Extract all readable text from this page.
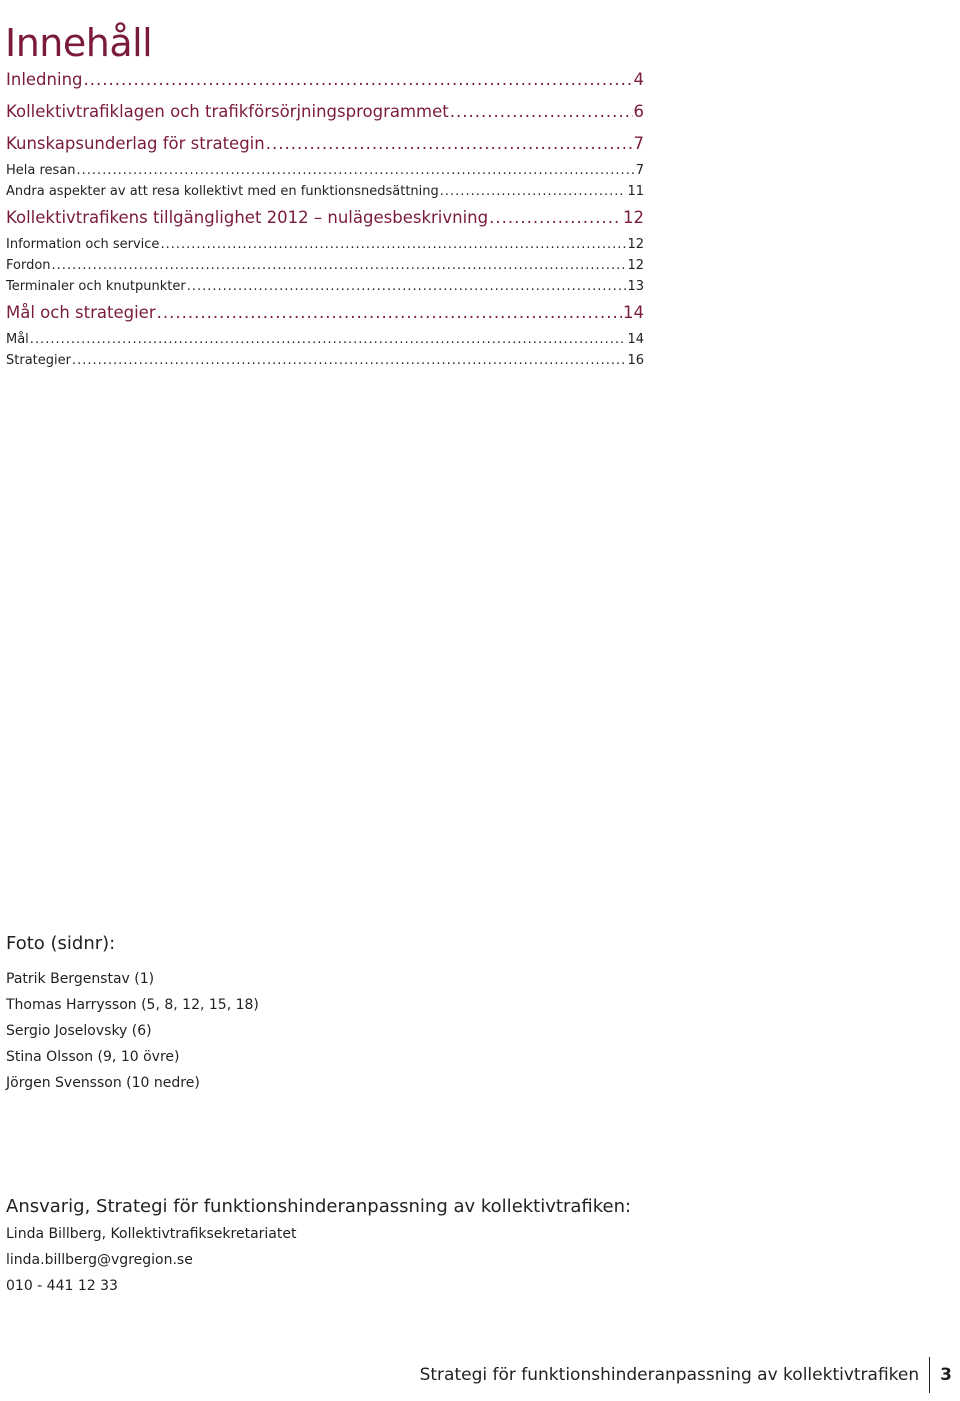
Innehåll
Inledning .....	4
Kollektivtrafiklagen och trafikförsörjningsprogrammet .....	6
Kunskapsunderlag för strategin .....	7
Hela resan .....	7
Andra aspekter av att resa kollektivt med en funktionsnedsättning .....	11
Kollektivtrafikens tillgänglighet 2012 – nulägesbeskrivning .....	12
Information och service .....	12
Fordon .....	12
Terminaler och knutpunkter .....	13
Mål och strategier .....	14
Mål .....	14
Strategier .....	16
Foto (sidnr):
Patrik Bergenstav (1)
Thomas Harrysson (5, 8, 12, 15, 18)
Sergio Joselovsky (6)
Stina Olsson (9, 10 övre)
Jörgen Svensson (10 nedre)
Ansvarig, Strategi för funktionshinderanpassning av kollektivtrafiken:
Linda Billberg, Kollektivtrafiksekretariatet
linda.billberg@vgregion.se
010 - 441 12 33
Strategi för funktionshinderanpassning av kollektivtrafiken	3
